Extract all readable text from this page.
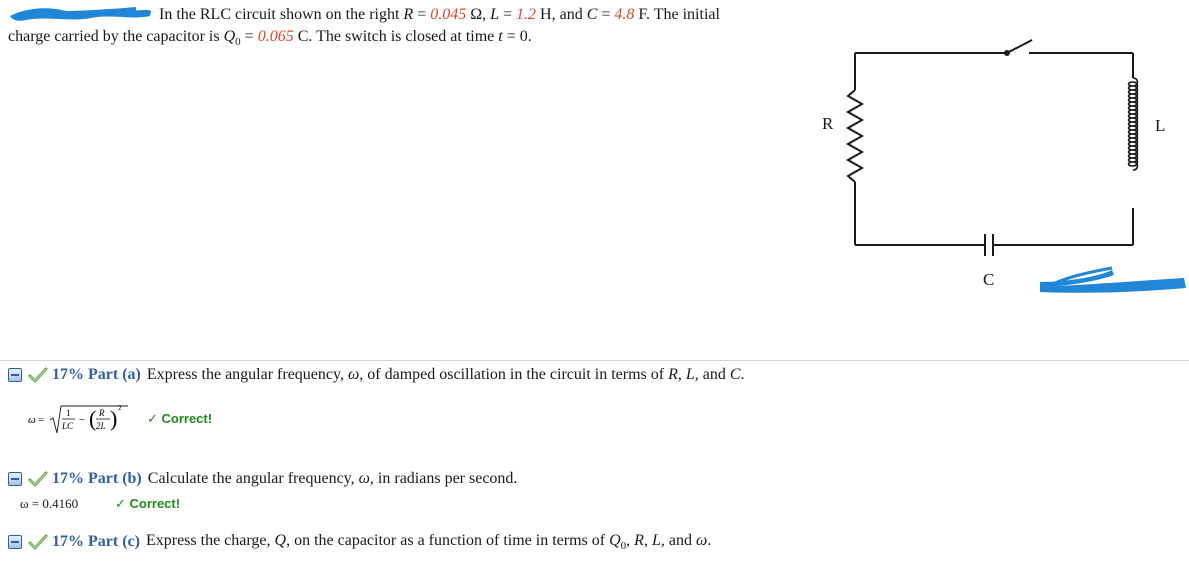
In the RLC circuit shown on the right R = 0.045 Ω, L = 1.2 H, and C = 4.8 F. The initial
charge carried by the capacitor is $Q_0 = 0.065$ C. The switch is closed at time t = 0.
R	L
C
17% Part (a) Express the angular frequency, ω, of damped oscillation in the circuit in terms of R, L, and C.
ω =
1
LC − ( R
2L ) 2
✓ Correct!
17% Part (b) Calculate the angular frequency, ω, in radians per second.
ω = 0.4160	✓ Correct!
17% Part (c) Express the charge, Q, on the capacitor as a function of time in terms of $Q_0$, R, L, and ω.
